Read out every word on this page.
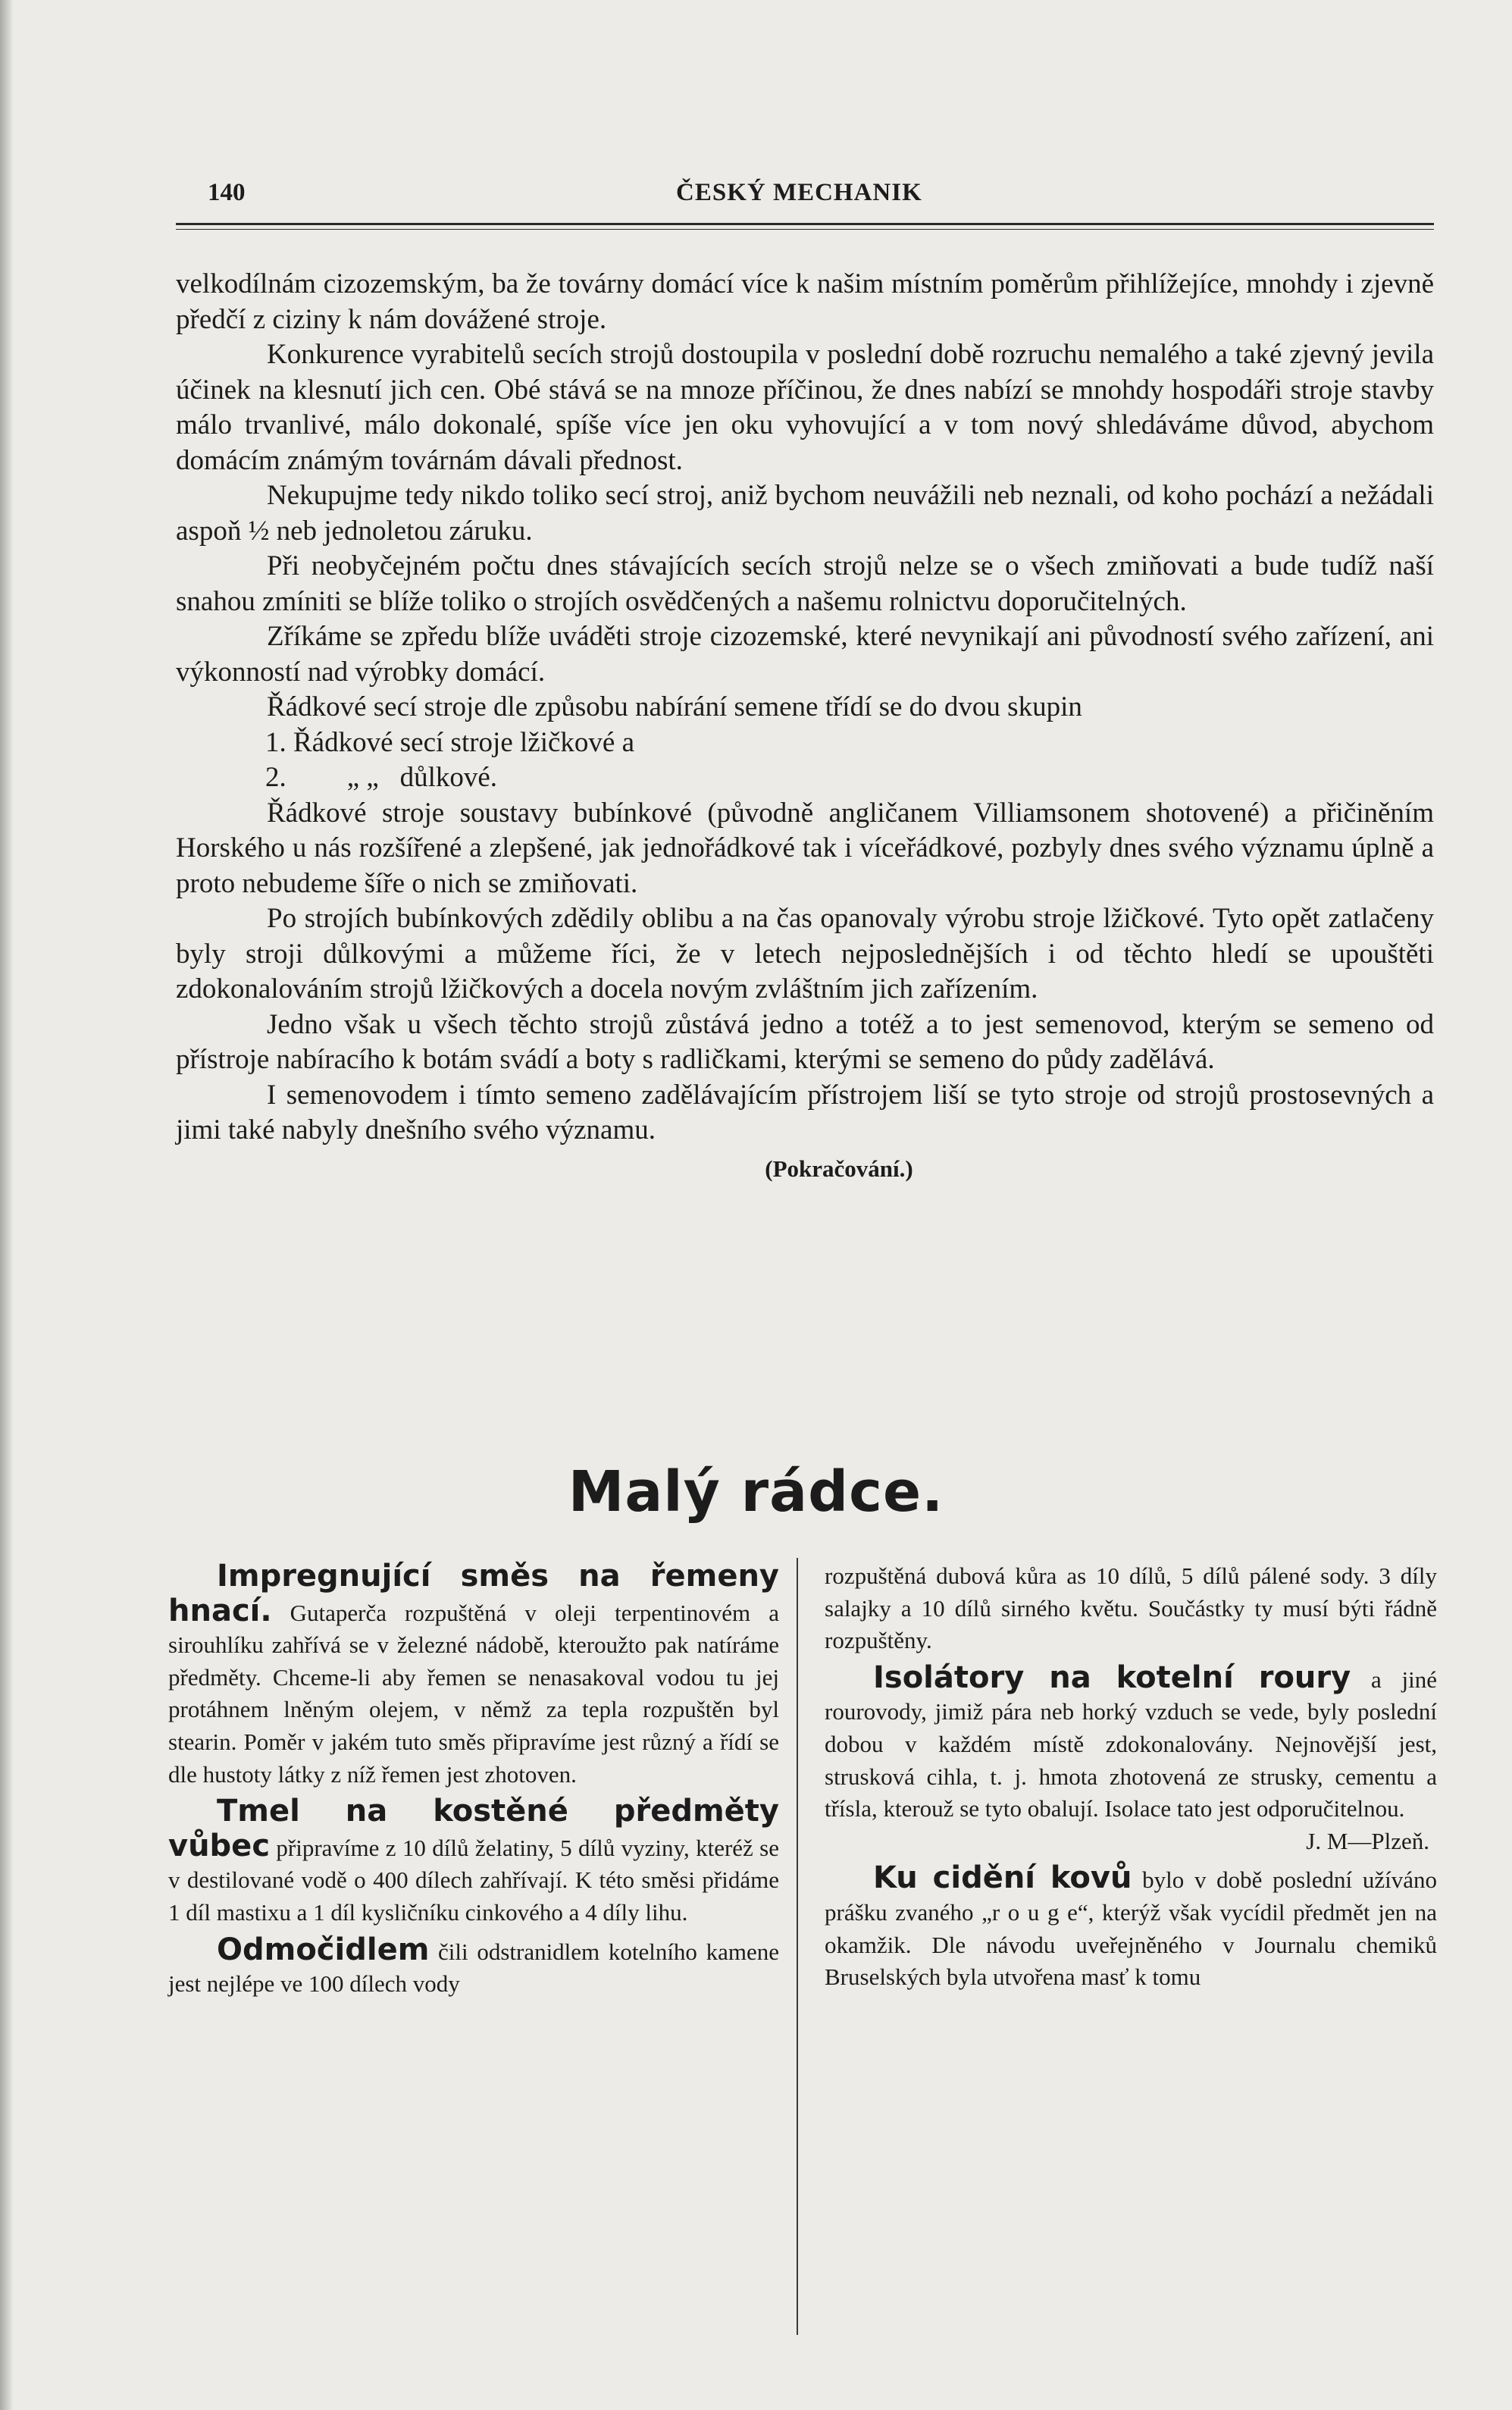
140	ČESKÝ MECHANIK

velkodílnám cizozemským, ba že továrny domácí více k našim místním poměrům přihlížejíce, mnohdy i zjevně předčí z ciziny k nám dovážené stroje.

Konkurence vyrabitelů secích strojů dostoupila v poslední době rozruchu nemalého a také zjevný jevila účinek na klesnutí jich cen. Obé stává se na mnoze příčinou, že dnes nabízí se mnohdy hospodáři stroje stavby málo trvanlivé, málo dokonalé, spíše více jen oku vyhovující a v tom nový shledáváme důvod, abychom domácím známým továrnám dávali přednost.

Nekupujme tedy nikdo toliko secí stroj, aniž bychom neuvážili neb neznali, od koho pochází a nežádali aspoň ½ neb jednoletou záruku.

Při neobyčejném počtu dnes stávajících secích strojů nelze se o všech zmiňovati a bude tudíž naší snahou zmíniti se blíže toliko o strojích osvědčených a našemu rolnictvu doporučitelných.

Zříkáme se zpředu blíže uváděti stroje cizozemské, které nevynikají ani původností svého zařízení, ani výkonností nad výrobky domácí.

Řádkové secí stroje dle způsobu nabírání semene třídí se do dvou skupin

1. Řádkové secí stroje lžičkové a

2. „ „ důlkové.

Řádkové stroje soustavy bubínkové (původně angličanem Villiamsonem shotovené) a přičiněním Horského u nás rozšířené a zlepšené, jak jednořádkové tak i víceřádkové, pozbyly dnes svého významu úplně a proto nebudeme šíře o nich se zmiňovati.

Po strojích bubínkových zdědily oblibu a na čas opanovaly výrobu stroje lžičkové. Tyto opět zatlačeny byly stroji důlkovými a můžeme říci, že v letech nejposlednějších i od těchto hledí se upouštěti zdokonalováním strojů lžičkových a docela novým zvláštním jich zařízením.

Jedno však u všech těchto strojů zůstává jedno a totéž a to jest semenovod, kterým se semeno od přístroje nabíracího k botám svádí a boty s radličkami, kterými se semeno do půdy zadělává.

I semenovodem i tímto semeno zadělávajícím přístrojem liší se tyto stroje od strojů prostosevných a jimi také nabyly dnešního svého významu.

(Pokračování.)

Malý rádce.

Impregnující směs na řemeny hnací. Gutaperča rozpuštěná v oleji terpentinovém a sirouhlíku zahřívá se v železné nádobě, kteroužto pak natíráme předměty. Chceme-li aby řemen se nenasakoval vodou tu jej protáhnem lněným olejem, v němž za tepla rozpuštěn byl stearin. Poměr v jakém tuto směs připravíme jest různý a řídí se dle hustoty látky z níž řemen jest zhotoven.

Tmel na kostěné předměty vůbec připravíme z 10 dílů želatiny, 5 dílů vyziny, kteréž se v destilované vodě o 400 dílech zahřívají. K této směsi přidáme 1 díl mastixu a 1 díl kysličníku cinkového a 4 díly lihu.

Odmočidlem čili odstranidlem kotelního kamene jest nejlépe ve 100 dílech vody

rozpuštěná dubová kůra as 10 dílů, 5 dílů pálené sody. 3 díly salajky a 10 dílů sirného květu. Součástky ty musí býti řádně rozpuštěny.

Isolátory na kotelní roury a jiné rourovody, jimiž pára neb horký vzduch se vede, byly poslední dobou v každém místě zdokonalovány. Nejnovější jest, strusková cihla, t. j. hmota zhotovená ze strusky, cementu a třísla, kterouž se tyto obalují. Isolace tato jest odporučitelnou.

J. M—Plzeň.

Ku cidění kovů bylo v době poslední užíváno prášku zvaného „r o u g e“, kterýž však vycídil předmět jen na okamžik. Dle návodu uveřejněného v Journalu chemiků Bruselských byla utvořena masť k tomu
